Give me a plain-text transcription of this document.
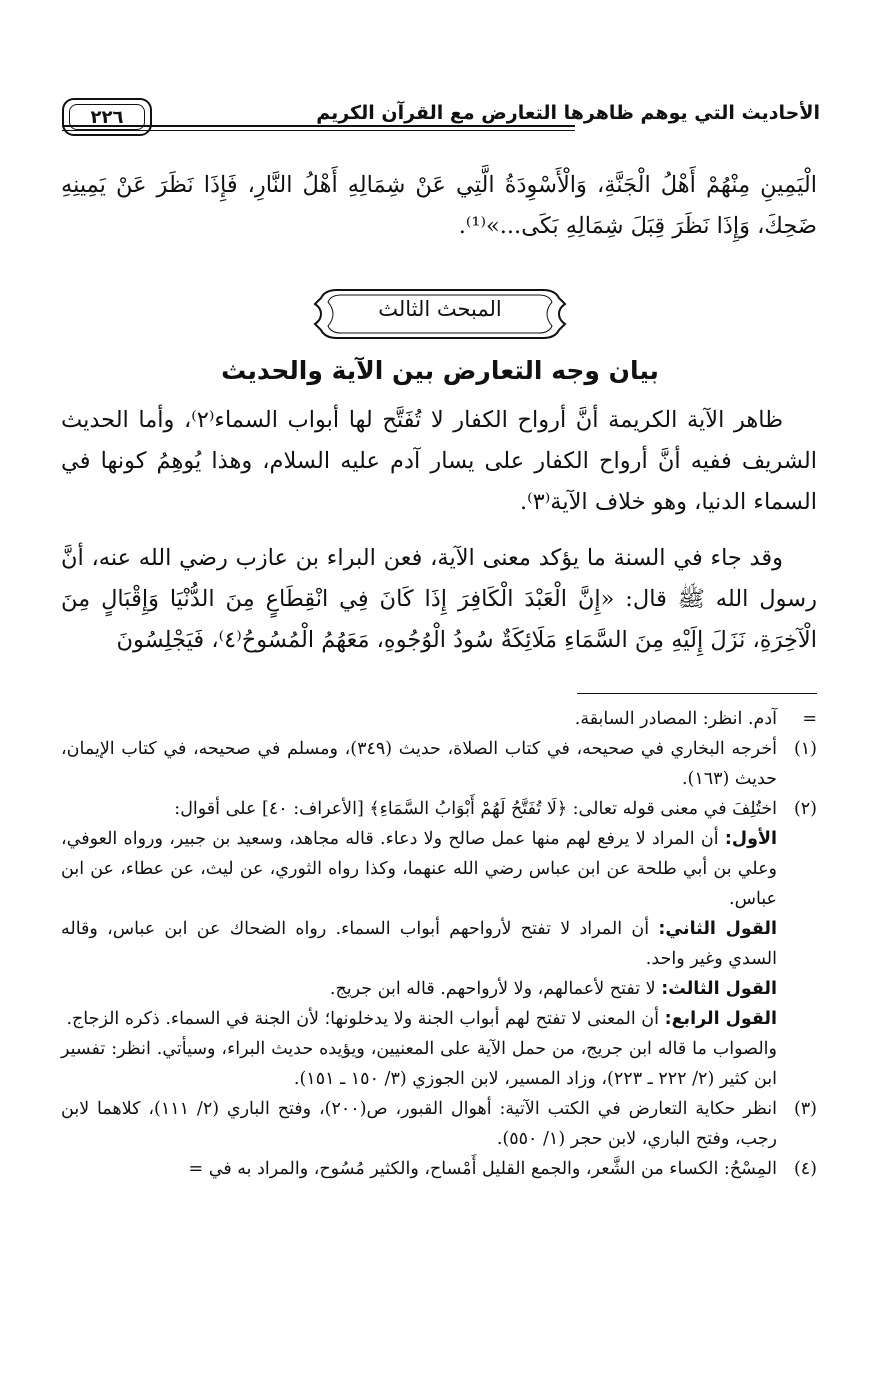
الأحاديث التي يوهم ظاهرها التعارض مع القرآن الكريم
٢٢٦
الْيَمِينِ مِنْهُمْ أَهْلُ الْجَنَّةِ، وَالْأَسْوِدَةُ الَّتِي عَنْ شِمَالِهِ أَهْلُ النَّارِ، فَإِذَا نَظَرَ عَنْ يَمِينِهِ ضَحِكَ، وَإِذَا نَظَرَ قِبَلَ شِمَالِهِ بَكَى...»⁽¹⁾.
المبحث الثالث
بيان وجه التعارض بين الآية والحديث
ظاهر الآية الكريمة أنَّ أرواح الكفار لا تُفَتَّح لها أبواب السماء⁽٢⁾، وأما الحديث الشريف ففيه أنَّ أرواح الكفار على يسار آدم عليه السلام، وهذا يُوهِمُ كونها في السماء الدنيا، وهو خلاف الآية⁽٣⁾.
وقد جاء في السنة ما يؤكد معنى الآية، فعن البراء بن عازب رضي الله عنه، أنَّ رسول الله ﷺ قال: «إِنَّ الْعَبْدَ الْكَافِرَ إِذَا كَانَ فِي انْقِطَاعٍ مِنَ الدُّنْيَا وَإِقْبَالٍ مِنَ الْآخِرَةِ، نَزَلَ إِلَيْهِ مِنَ السَّمَاءِ مَلَائِكَةٌ سُودُ الْوُجُوهِ، مَعَهُمُ الْمُسُوحُ⁽٤⁾، فَيَجْلِسُونَ
=
آدم. انظر: المصادر السابقة.
(١)
أخرجه البخاري في صحيحه، في كتاب الصلاة، حديث (٣٤٩)، ومسلم في صحيحه، في كتاب الإيمان، حديث (١٦٣).
(٢)
اختُلِفَ في معنى قوله تعالى: ﴿لَا تُفَتَّحُ لَهُمْ أَبْوَابُ السَّمَاءِ﴾ [الأعراف: ٤٠] على أقوال:
الأول: أن المراد لا يرفع لهم منها عمل صالح ولا دعاء. قاله مجاهد، وسعيد بن جبير، ورواه العوفي، وعلي بن أبي طلحة عن ابن عباس رضي الله عنهما، وكذا رواه الثوري، عن ليث، عن عطاء، عن ابن عباس.
القول الثاني: أن المراد لا تفتح لأرواحهم أبواب السماء. رواه الضحاك عن ابن عباس، وقاله السدي وغير واحد.
القول الثالث: لا تفتح لأعمالهم، ولا لأرواحهم. قاله ابن جريج.
القول الرابع: أن المعنى لا تفتح لهم أبواب الجنة ولا يدخلونها؛ لأن الجنة في السماء. ذكره الزجاج.
والصواب ما قاله ابن جريج، من حمل الآية على المعنيين، ويؤيده حديث البراء، وسيأتي. انظر: تفسير ابن كثير (٢/ ٢٢٢ ـ ٢٢٣)، وزاد المسير، لابن الجوزي (٣/ ١٥٠ ـ ١٥١).
(٣)
انظر حكاية التعارض في الكتب الآتية: أهوال القبور، ص(٢٠٠)، وفتح الباري (٢/ ١١١)، كلاهما لابن رجب، وفتح الباري، لابن حجر (١/ ٥٥٠).
(٤)
المِسْحُ: الكساء من الشَّعر، والجمع القليل أَمْساح، والكثير مُسُوح، والمراد به في =
